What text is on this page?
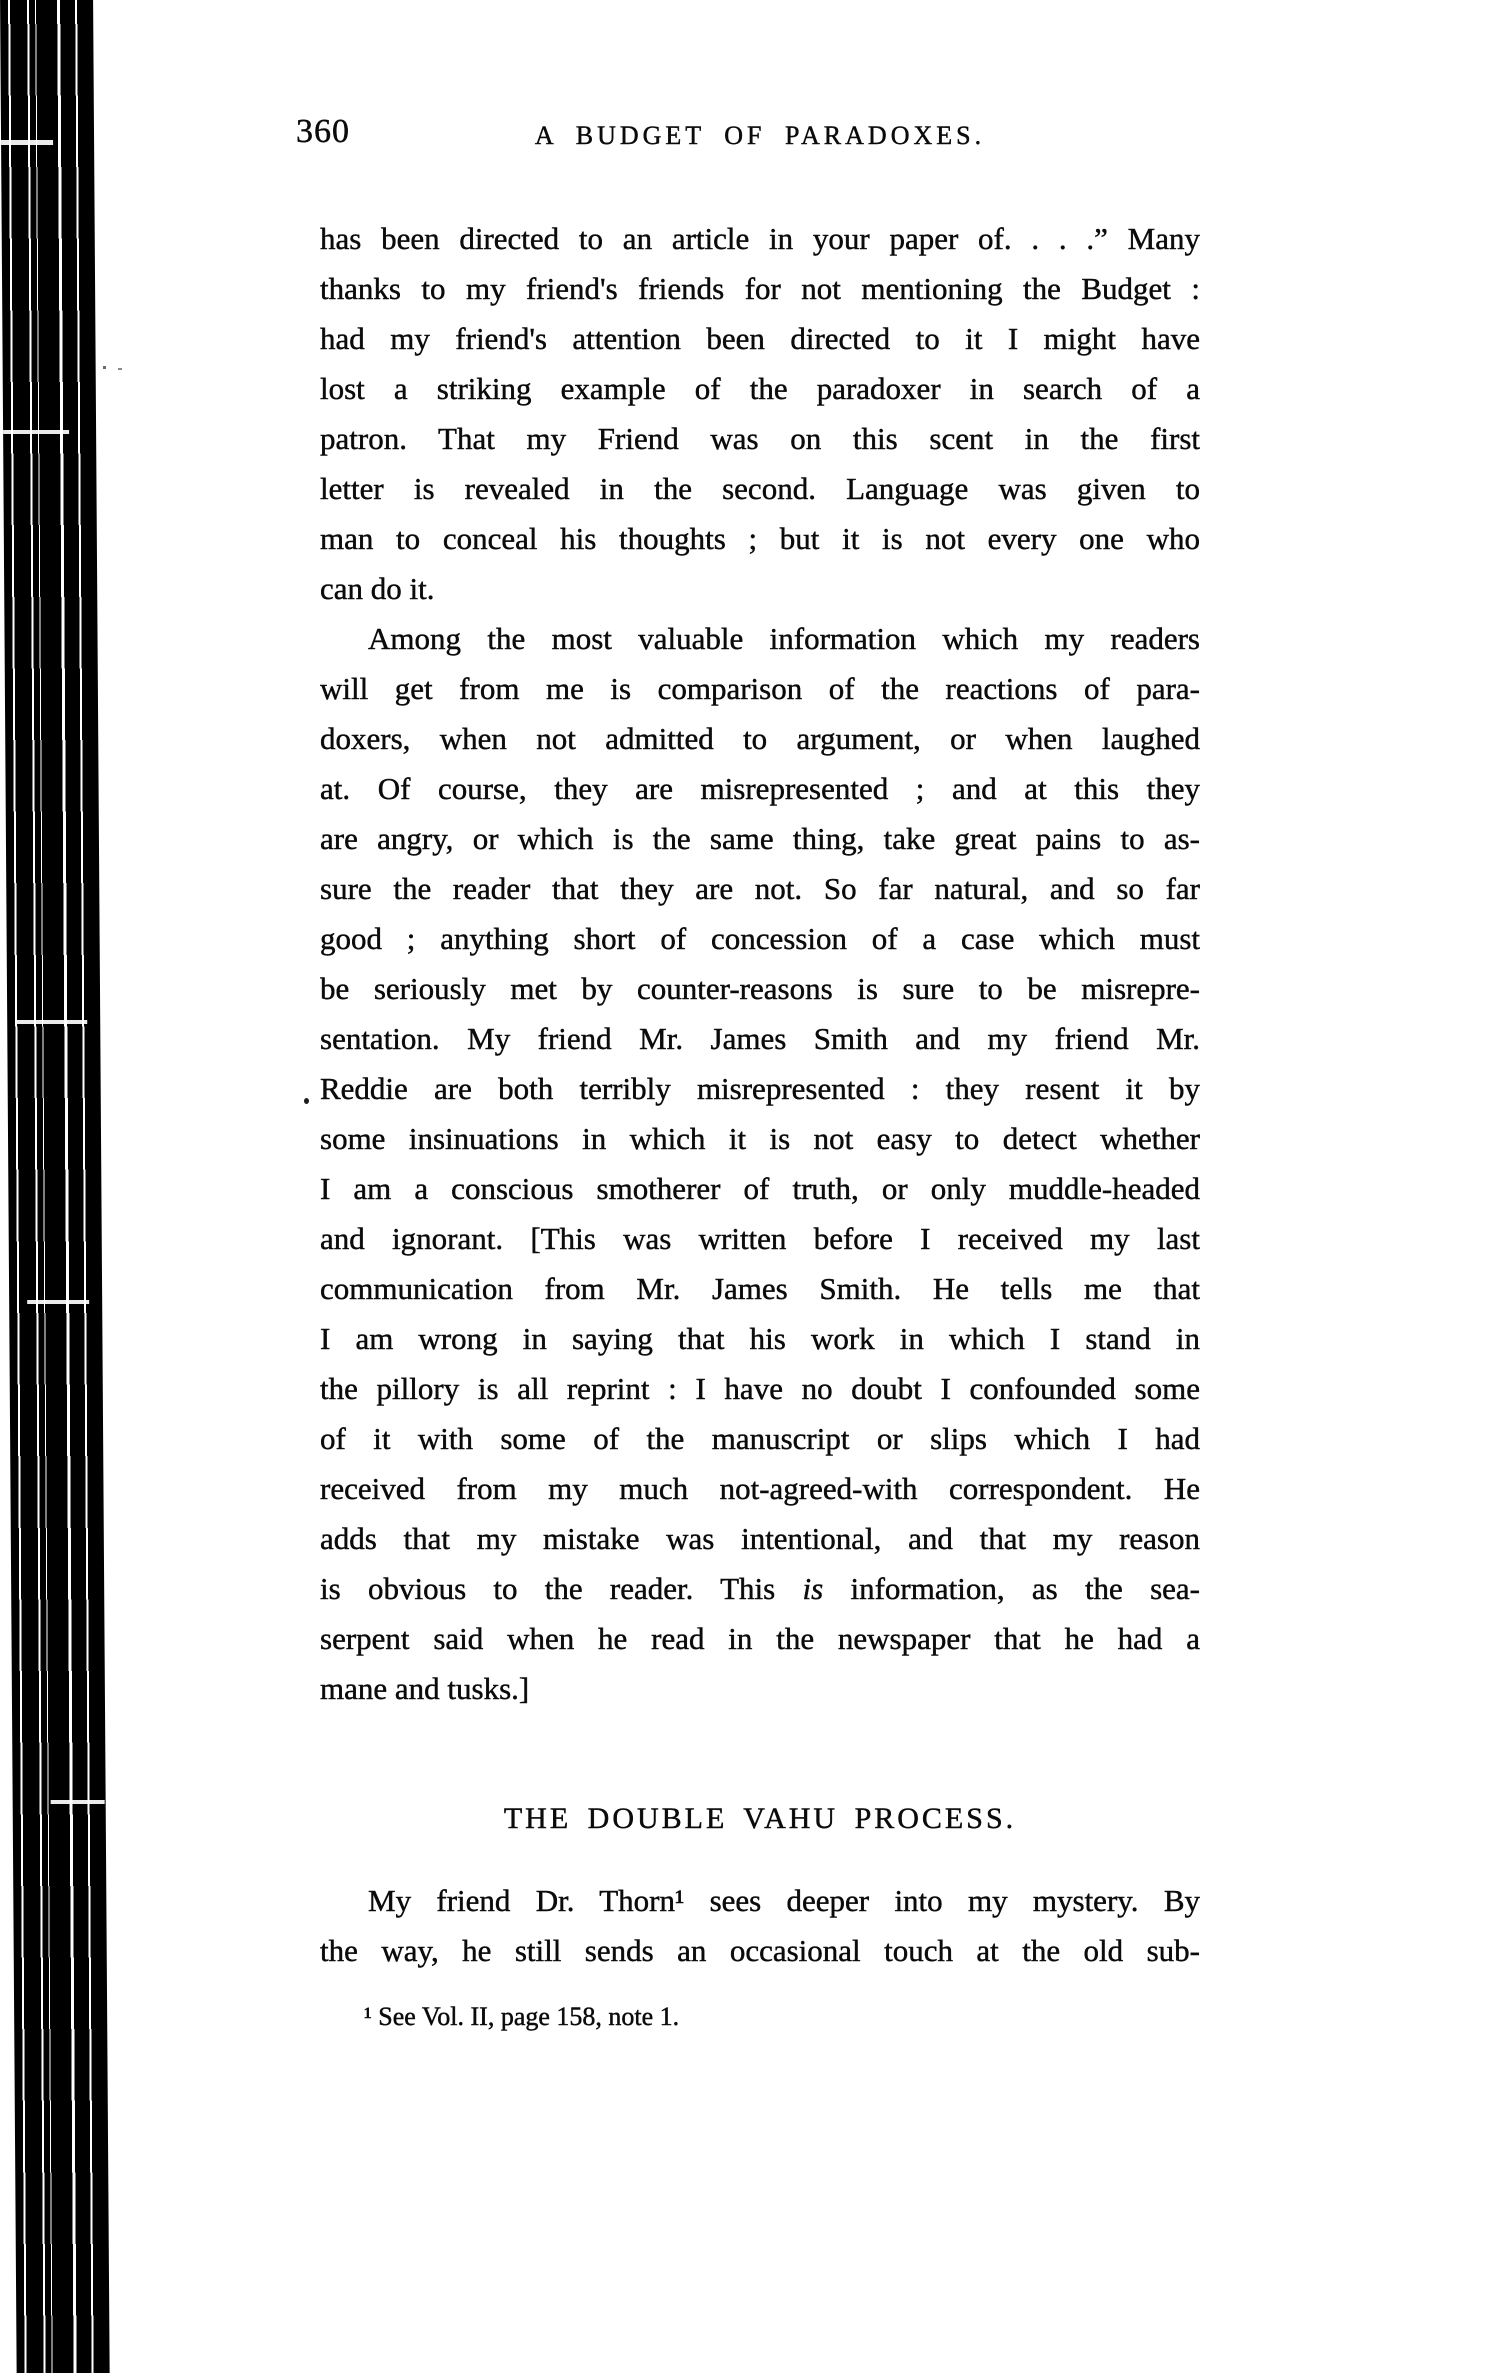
360	A BUDGET OF PARADOXES.
has been directed to an article in your paper of. . . .” Many
thanks to my friend's friends for not mentioning the Budget :
had my friend's attention been directed to it I might have
lost a striking example of the paradoxer in search of a
patron. That my Friend was on this scent in the first
letter is revealed in the second. Language was given to
man to conceal his thoughts ; but it is not every one who
can do it.
Among the most valuable information which my readers
will get from me is comparison of the reactions of para-
doxers, when not admitted to argument, or when laughed
at. Of course, they are misrepresented ; and at this they
are angry, or which is the same thing, take great pains to as-
sure the reader that they are not. So far natural, and so far
good ; anything short of concession of a case which must
be seriously met by counter-reasons is sure to be misrepre-
sentation. My friend Mr. James Smith and my friend Mr.
Reddie are both terribly misrepresented : they resent it by
some insinuations in which it is not easy to detect whether
I am a conscious smotherer of truth, or only muddle-headed
and ignorant. [This was written before I received my last
communication from Mr. James Smith. He tells me that
I am wrong in saying that his work in which I stand in
the pillory is all reprint : I have no doubt I confounded some
of it with some of the manuscript or slips which I had
received from my much not-agreed-with correspondent. He
adds that my mistake was intentional, and that my reason
is obvious to the reader. This is information, as the sea-
serpent said when he read in the newspaper that he had a
mane and tusks.]
THE DOUBLE VAHU PROCESS.
My friend Dr. Thorn¹ sees deeper into my mystery. By
the way, he still sends an occasional touch at the old sub-
¹ See Vol. II, page 158, note 1.
